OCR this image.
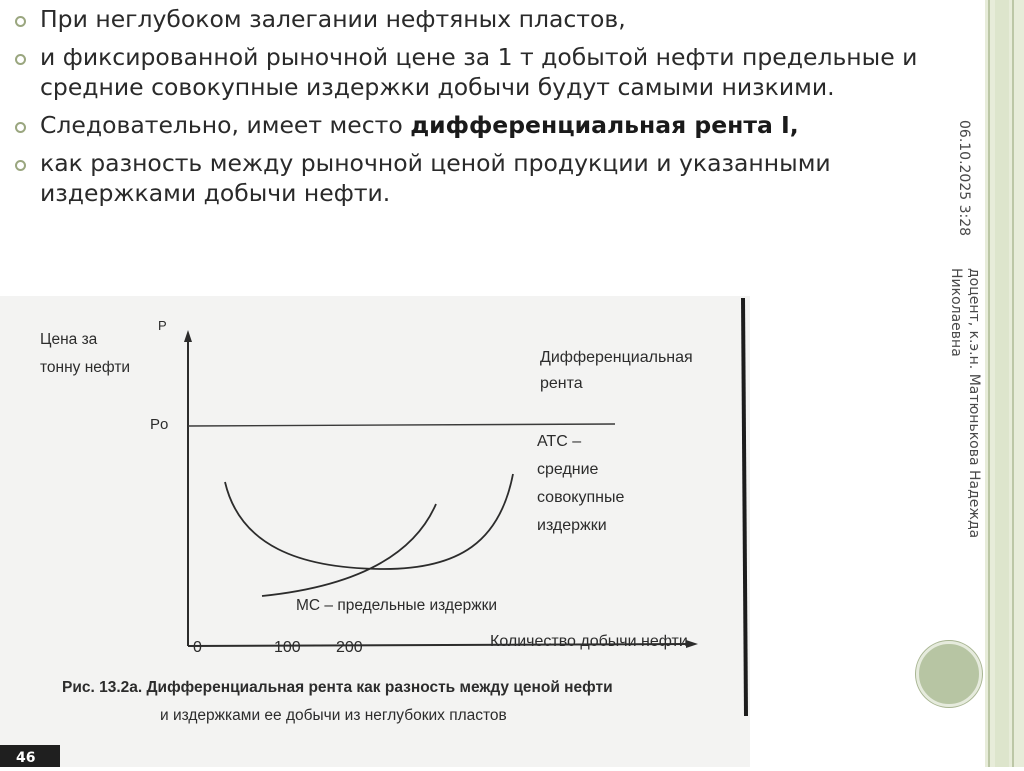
При неглубоком залегании нефтяных пластов,
и фиксированной рыночной цене за 1 т добытой нефти предельные и средние совокупные издержки добычи будут самыми низкими.
Следовательно, имеет место дифференциальная рента I,
как разность между рыночной ценой продукции и указанными издержками добычи нефти.	06.10.2025 3:28
доцент, к.э.н. Матюнькова Надежда
Николаевна
Цена за
тонну нефти
P
Po
Дифференциальная
рента
АТС –
средние
совокупные
издержки
МС – предельные издержки
Количество добычи нефти
0	100 200
Рис. 13.2а. Дифференциальная рента как разность между ценой нефти
и издержками ее добычи из неглубоких пластов
46
